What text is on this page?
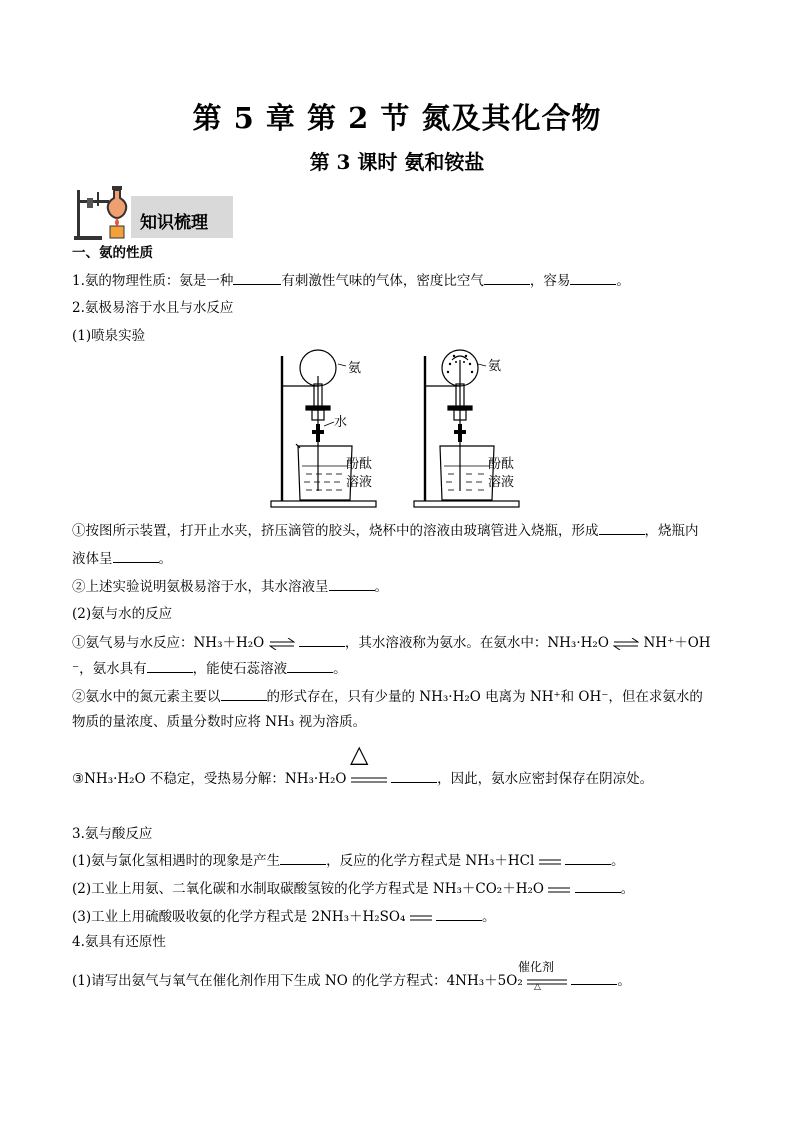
第 5 章 第 2 节 氮及其化合物
第 3 课时 氨和铵盐
知识梳理
一、氨的性质
1.氨的物理性质：氨是一种	有刺激性气味的气体，密度比空气	，容易	。
2.氨极易溶于水且与水反应
(1)喷泉实验
氨
水
酚酞
溶液
氨
酚酞
溶液
①按图所示装置，打开止水夹，挤压滴管的胶头，烧杯中的溶液由玻璃管进入烧瓶，形成	，烧瓶内
液体呈	。
②上述实验说明氨极易溶于水，其水溶液呈	。
(2)氨与水的反应
①氨气易与水反应：NH₃＋H₂O ⇌	，其水溶液称为氨水。在氨水中：NH₃·H₂O ⇌ NH⁺＋OH
⁻，氨水具有	，能使石蕊溶液	。
②氨水中的氮元素主要以	的形式存在，只有少量的 NH₃·H₂O 电离为 NH⁺和 OH⁻，但在求氨水的
物质的量浓度、质量分数时应将 NH₃ 视为溶质。
△
③NH₃·H₂O 不稳定，受热易分解：NH₃·H₂O	，因此，氨水应密封保存在阴凉处。
3.氨与酸反应
(1)氨与氯化氢相遇时的现象是产生	，反应的化学方程式是 NH₃＋HCl	。
(2)工业上用氨、二氧化碳和水制取碳酸氢铵的化学方程式是 NH₃＋CO₂＋H₂O	。
(3)工业上用硫酸吸收氨的化学方程式是 2NH₃＋H₂SO₄	。
4.氨具有还原性
催化剂
(1)请写出氨气与氧气在催化剂作用下生成 NO 的化学方程式：4NH₃＋5O₂	。
△
